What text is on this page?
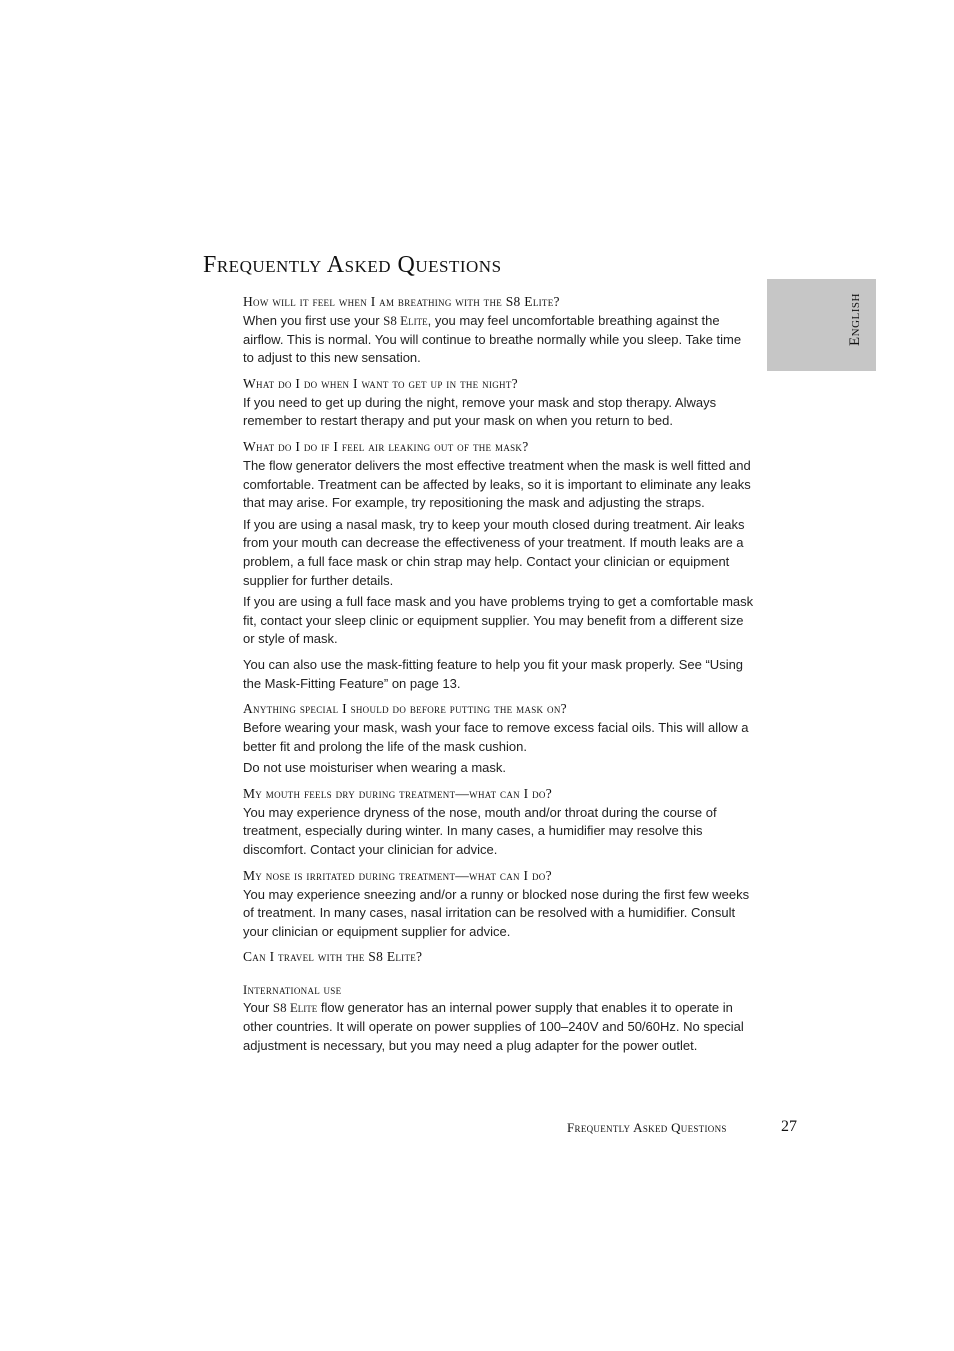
Frequently Asked Questions
English
How will it feel when I am breathing with the S8 Elite?

When you first use your S8 Elite, you may feel uncomfortable breathing against the airflow. This is normal. You will continue to breathe normally while you sleep. Take time to adjust to this new sensation.

What do I do when I want to get up in the night?

If you need to get up during the night, remove your mask and stop therapy. Always remember to restart therapy and put your mask on when you return to bed.

What do I do if I feel air leaking out of the mask?

The flow generator delivers the most effective treatment when the mask is well fitted and comfortable. Treatment can be affected by leaks, so it is important to eliminate any leaks that may arise. For example, try repositioning the mask and adjusting the straps.

If you are using a nasal mask, try to keep your mouth closed during treatment. Air leaks from your mouth can decrease the effectiveness of your treatment. If mouth leaks are a problem, a full face mask or chin strap may help. Contact your clinician or equipment supplier for further details.

If you are using a full face mask and you have problems trying to get a comfortable mask fit, contact your sleep clinic or equipment supplier. You may benefit from a different size or style of mask.

You can also use the mask-fitting feature to help you fit your mask properly. See “Using the Mask-Fitting Feature” on page 13.

Anything special I should do before putting the mask on?

Before wearing your mask, wash your face to remove excess facial oils. This will allow a better fit and prolong the life of the mask cushion.

Do not use moisturiser when wearing a mask.

My mouth feels dry during treatment—what can I do?

You may experience dryness of the nose, mouth and/or throat during the course of treatment, especially during winter. In many cases, a humidifier may resolve this discomfort. Contact your clinician for advice.

My nose is irritated during treatment—what can I do?

You may experience sneezing and/or a runny or blocked nose during the first few weeks of treatment. In many cases, nasal irritation can be resolved with a humidifier. Consult your clinician or equipment supplier for advice.

Can I travel with the S8 Elite?
International use

Your S8 Elite flow generator has an internal power supply that enables it to operate in other countries. It will operate on power supplies of 100–240V and 50/60Hz. No special adjustment is necessary, but you may need a plug adapter for the power outlet.

Frequently Asked Questions	27
